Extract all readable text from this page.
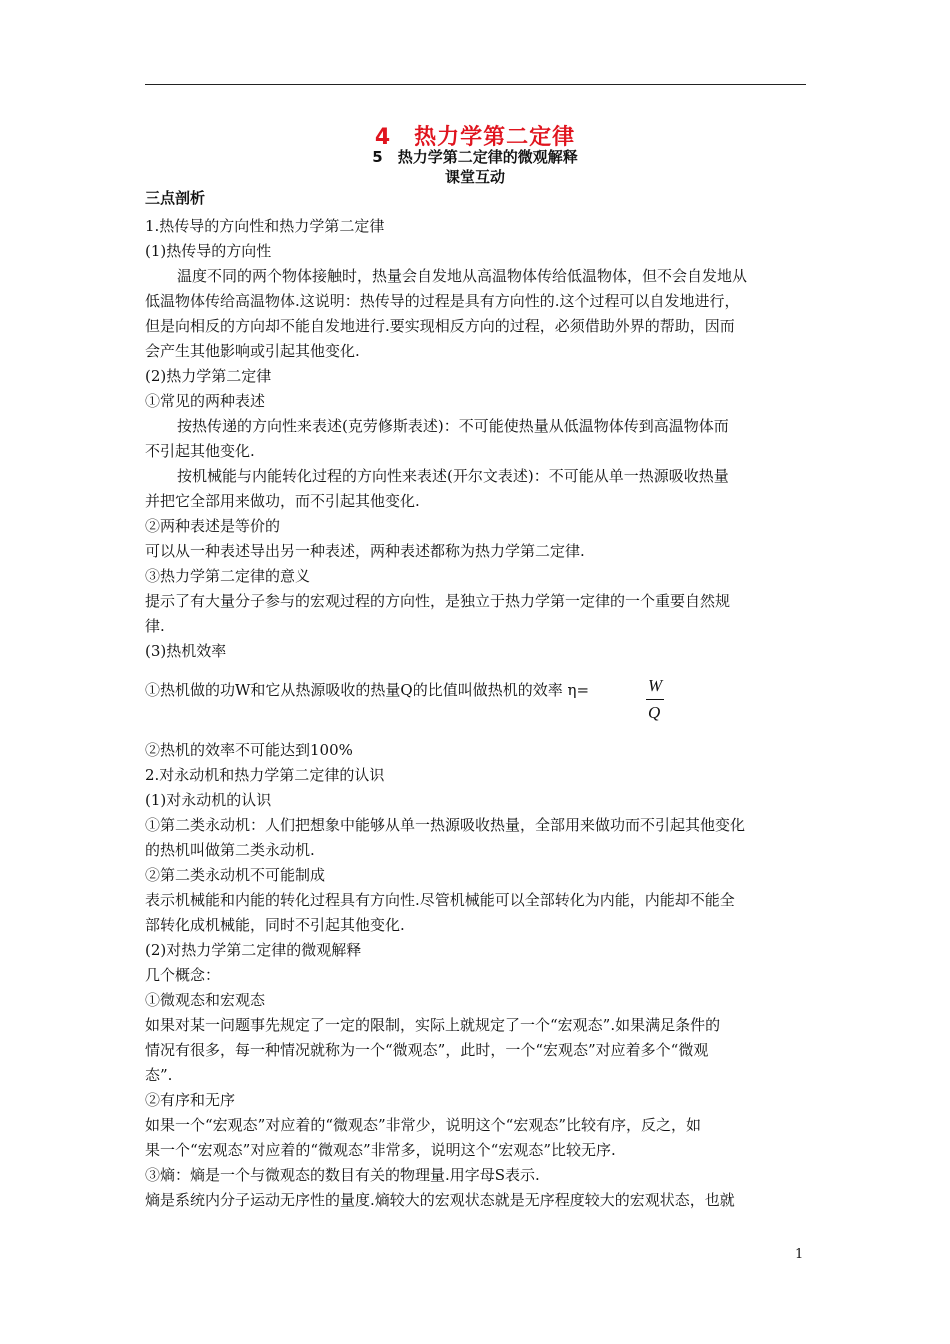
4　热力学第二定律
5　热力学第二定律的微观解释
课堂互动
三点剖析
1.热传导的方向性和热力学第二定律
(1)热传导的方向性
温度不同的两个物体接触时，热量会自发地从高温物体传给低温物体，但不会自发地从
低温物体传给高温物体.这说明：热传导的过程是具有方向性的.这个过程可以自发地进行，
但是向相反的方向却不能自发地进行.要实现相反方向的过程，必须借助外界的帮助，因而
会产生其他影响或引起其他变化.
(2)热力学第二定律
①常见的两种表述
按热传递的方向性来表述(克劳修斯表述)：不可能使热量从低温物体传到高温物体而
不引起其他变化.
按机械能与内能转化过程的方向性来表述(开尔文表述)：不可能从单一热源吸收热量
并把它全部用来做功，而不引起其他变化.
②两种表述是等价的
可以从一种表述导出另一种表述，两种表述都称为热力学第二定律.
③热力学第二定律的意义
提示了有大量分子参与的宏观过程的方向性，是独立于热力学第一定律的一个重要自然规
律.
(3)热机效率
①热机做的功W和它从热源吸收的热量Q的比值叫做热机的效率 η=	W
Q
②热机的效率不可能达到100%
2.对永动机和热力学第二定律的认识
(1)对永动机的认识
①第二类永动机：人们把想象中能够从单一热源吸收热量，全部用来做功而不引起其他变化
的热机叫做第二类永动机.
②第二类永动机不可能制成
表示机械能和内能的转化过程具有方向性.尽管机械能可以全部转化为内能，内能却不能全
部转化成机械能，同时不引起其他变化.
(2)对热力学第二定律的微观解释
几个概念：
①微观态和宏观态
如果对某一问题事先规定了一定的限制，实际上就规定了一个“宏观态”.如果满足条件的
情况有很多，每一种情况就称为一个“微观态”，此时，一个“宏观态”对应着多个“微观
态”.
②有序和无序
如果一个“宏观态”对应着的“微观态”非常少，说明这个“宏观态”比较有序，反之，如
果一个“宏观态”对应着的“微观态”非常多，说明这个“宏观态”比较无序.
③熵：熵是一个与微观态的数目有关的物理量.用字母S表示.
熵是系统内分子运动无序性的量度.熵较大的宏观状态就是无序程度较大的宏观状态，也就
1
